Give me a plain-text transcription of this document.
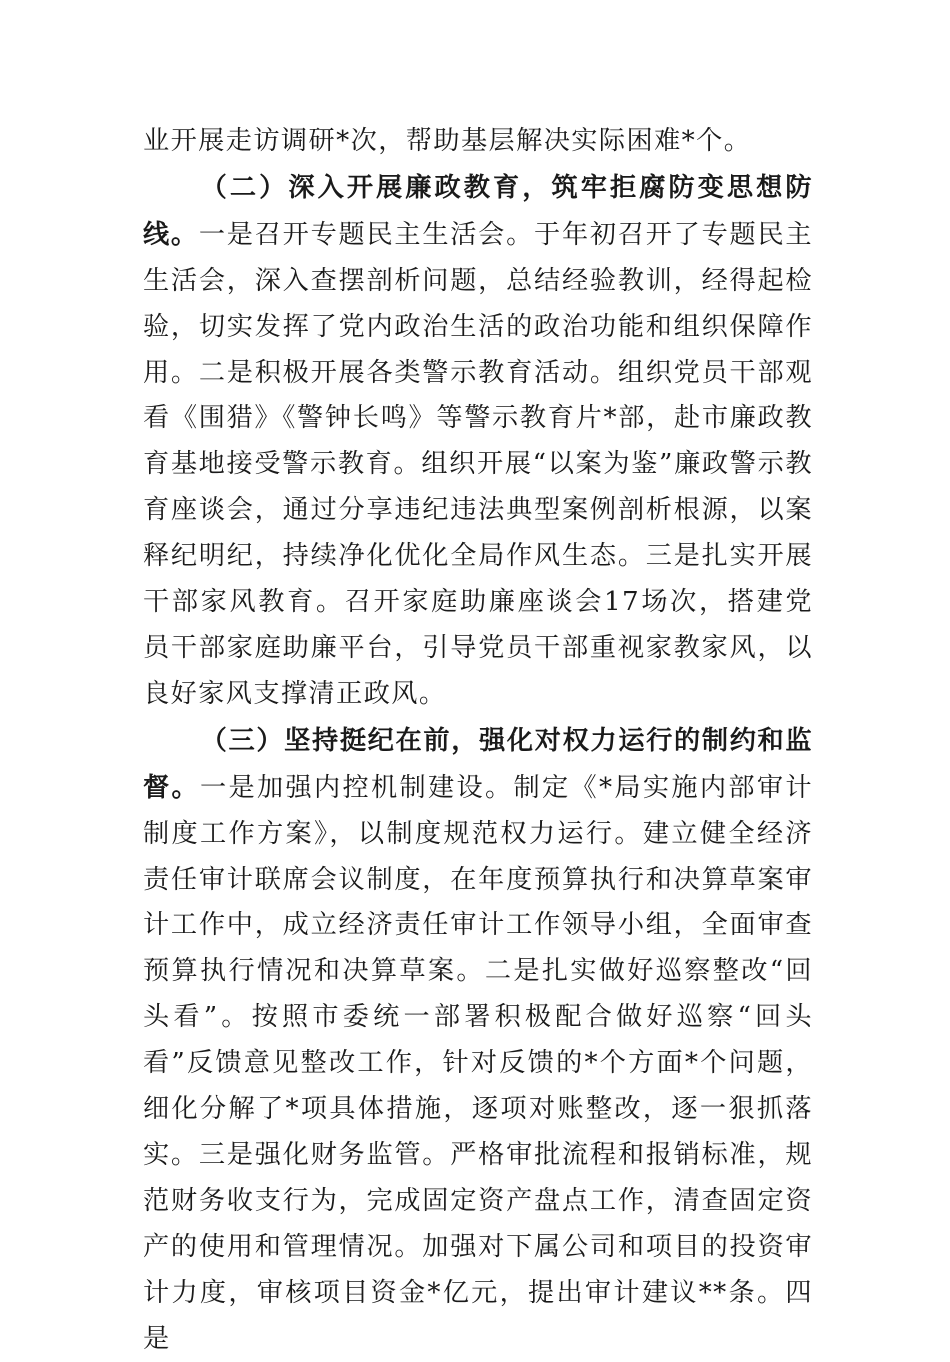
业开展走访调研*次，帮助基层解决实际困难*个。

（二）深入开展廉政教育，筑牢拒腐防变思想防线。一是召开专题民主生活会。于年初召开了专题民主生活会，深入查摆剖析问题，总结经验教训，经得起检验，切实发挥了党内政治生活的政治功能和组织保障作用。二是积极开展各类警示教育活动。组织党员干部观看《围猎》《警钟长鸣》等警示教育片*部，赴市廉政教育基地接受警示教育。组织开展“以案为鉴”廉政警示教育座谈会，通过分享违纪违法典型案例剖析根源，以案释纪明纪，持续净化优化全局作风生态。三是扎实开展干部家风教育。召开家庭助廉座谈会17场次，搭建党员干部家庭助廉平台，引导党员干部重视家教家风，以良好家风支撑清正政风。

（三）坚持挺纪在前，强化对权力运行的制约和监督。一是加强内控机制建设。制定《*局实施内部审计制度工作方案》，以制度规范权力运行。建立健全经济责任审计联席会议制度，在年度预算执行和决算草案审计工作中，成立经济责任审计工作领导小组，全面审查预算执行情况和决算草案。二是扎实做好巡察整改“回头看”。按照市委统一部署积极配合做好巡察“回头看”反馈意见整改工作，针对反馈的*个方面*个问题，细化分解了*项具体措施，逐项对账整改，逐一狠抓落实。三是强化财务监管。严格审批流程和报销标准，规范财务收支行为，完成固定资产盘点工作，清查固定资产的使用和管理情况。加强对下属公司和项目的投资审计力度，审核项目资金*亿元，提出审计建议**条。四是
